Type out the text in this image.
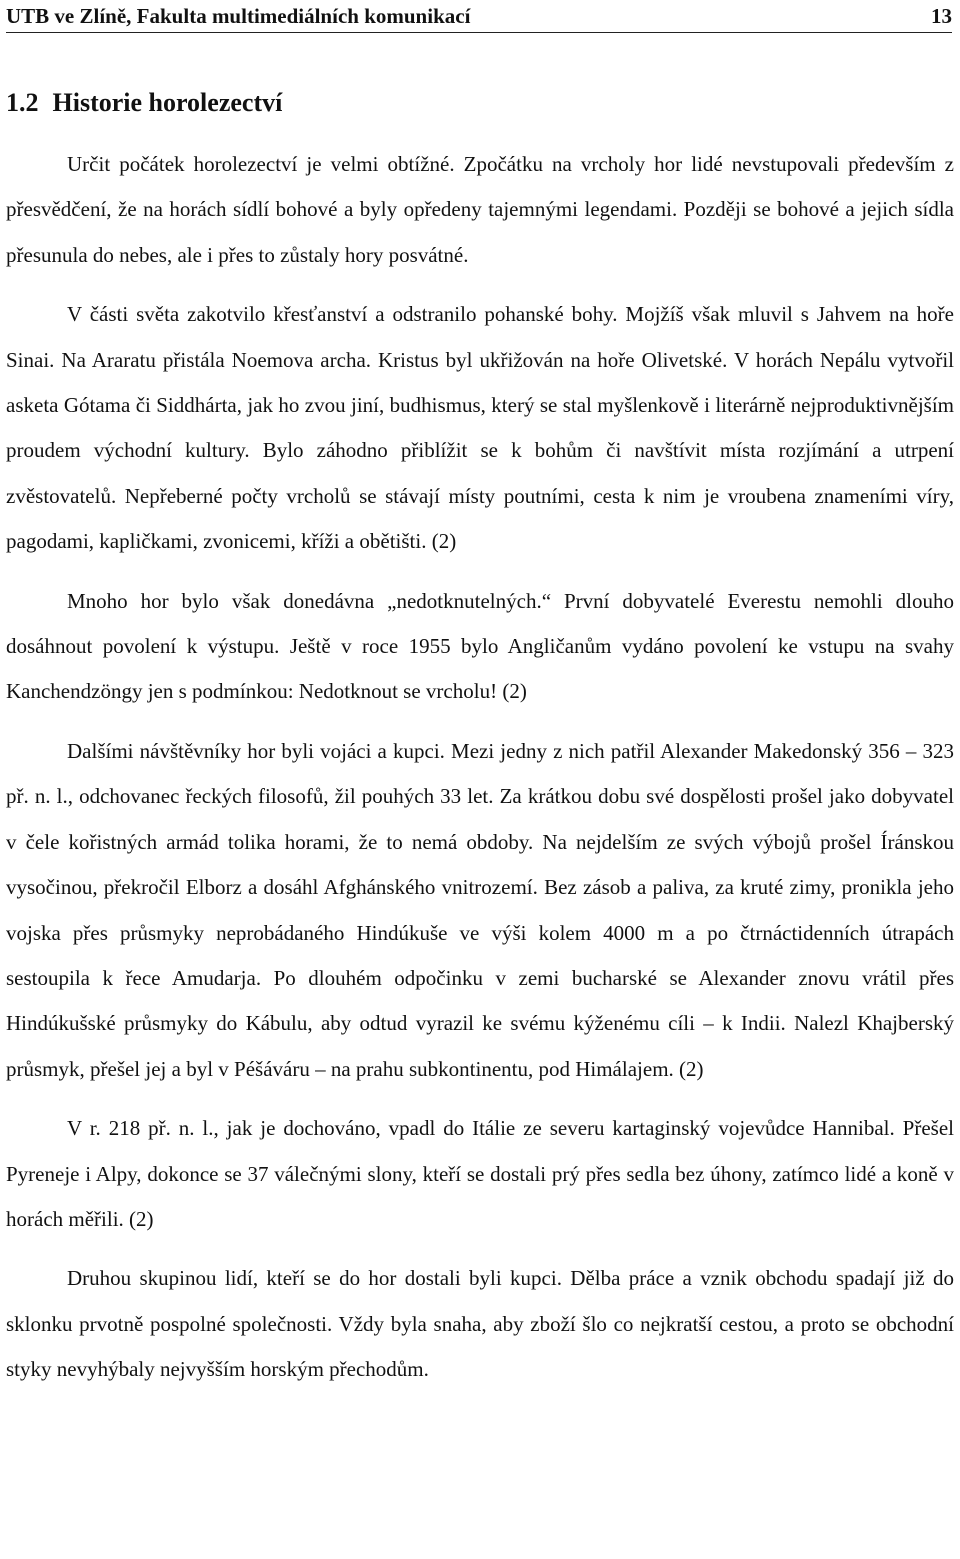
UTB ve Zlíně, Fakulta multimediálních komunikací	13
1.2 Historie horolezectví

Určit počátek horolezectví je velmi obtížné. Zpočátku na vrcholy hor lidé nevstupovali především z přesvědčení, že na horách sídlí bohové a byly opředeny tajemnými legendami. Později se bohové a jejich sídla přesunula do nebes, ale i přes to zůstaly hory posvátné.

V části světa zakotvilo křesťanství a odstranilo pohanské bohy. Mojžíš však mluvil s Jahvem na hoře Sinai. Na Araratu přistála Noemova archa. Kristus byl ukřižován na hoře Olivetské. V horách Nepálu vytvořil asketa Gótama či Siddhárta, jak ho zvou jiní, budhismus, který se stal myšlenkově i literárně nejproduktivnějším proudem východní kultury. Bylo záhodno přiblížit se k bohům či navštívit místa rozjímání a utrpení zvěstovatelů. Nepřeberné počty vrcholů se stávají místy poutními, cesta k nim je vroubena znameními víry, pagodami, kapličkami, zvonicemi, kříži a obětišti. (2)

Mnoho hor bylo však donedávna „nedotknutelných.“ První dobyvatelé Everestu nemohli dlouho dosáhnout povolení k výstupu. Ještě v roce 1955 bylo Angličanům vydáno povolení ke vstupu na svahy Kanchendzöngy jen s podmínkou: Nedotknout se vrcholu! (2)

Dalšími návštěvníky hor byli vojáci a kupci. Mezi jedny z nich patřil Alexander Makedonský 356 – 323 př. n. l., odchovanec řeckých filosofů, žil pouhých 33 let. Za krátkou dobu své dospělosti prošel jako dobyvatel v čele kořistných armád tolika horami, že to nemá obdoby. Na nejdelším ze svých výbojů prošel Íránskou vysočinou, překročil Elborz a dosáhl Afghánského vnitrozemí. Bez zásob a paliva, za kruté zimy, pronikla jeho vojska přes průsmyky neprobádaného Hindúkuše ve výši kolem 4000 m a po čtrnáctidenních útrapách sestoupila k řece Amudarja. Po dlouhém odpočinku v zemi bucharské se Alexander znovu vrátil přes Hindúkušské průsmyky do Kábulu, aby odtud vyrazil ke svému kýženému cíli – k Indii. Nalezl Khajberský průsmyk, přešel jej a byl v Péšáváru – na prahu subkontinentu, pod Himálajem. (2)

V r. 218 př. n. l., jak je dochováno, vpadl do Itálie ze severu kartaginský vojevůdce Hannibal. Přešel Pyreneje i Alpy, dokonce se 37 válečnými slony, kteří se dostali prý přes sedla bez úhony, zatímco lidé a koně v horách měřili. (2)

Druhou skupinou lidí, kteří se do hor dostali byli kupci. Dělba práce a vznik obchodu spadají již do sklonku prvotně pospolné společnosti. Vždy byla snaha, aby zboží šlo co nejkratší cestou, a proto se obchodní styky nevyhýbaly nejvyšším horským přechodům.
